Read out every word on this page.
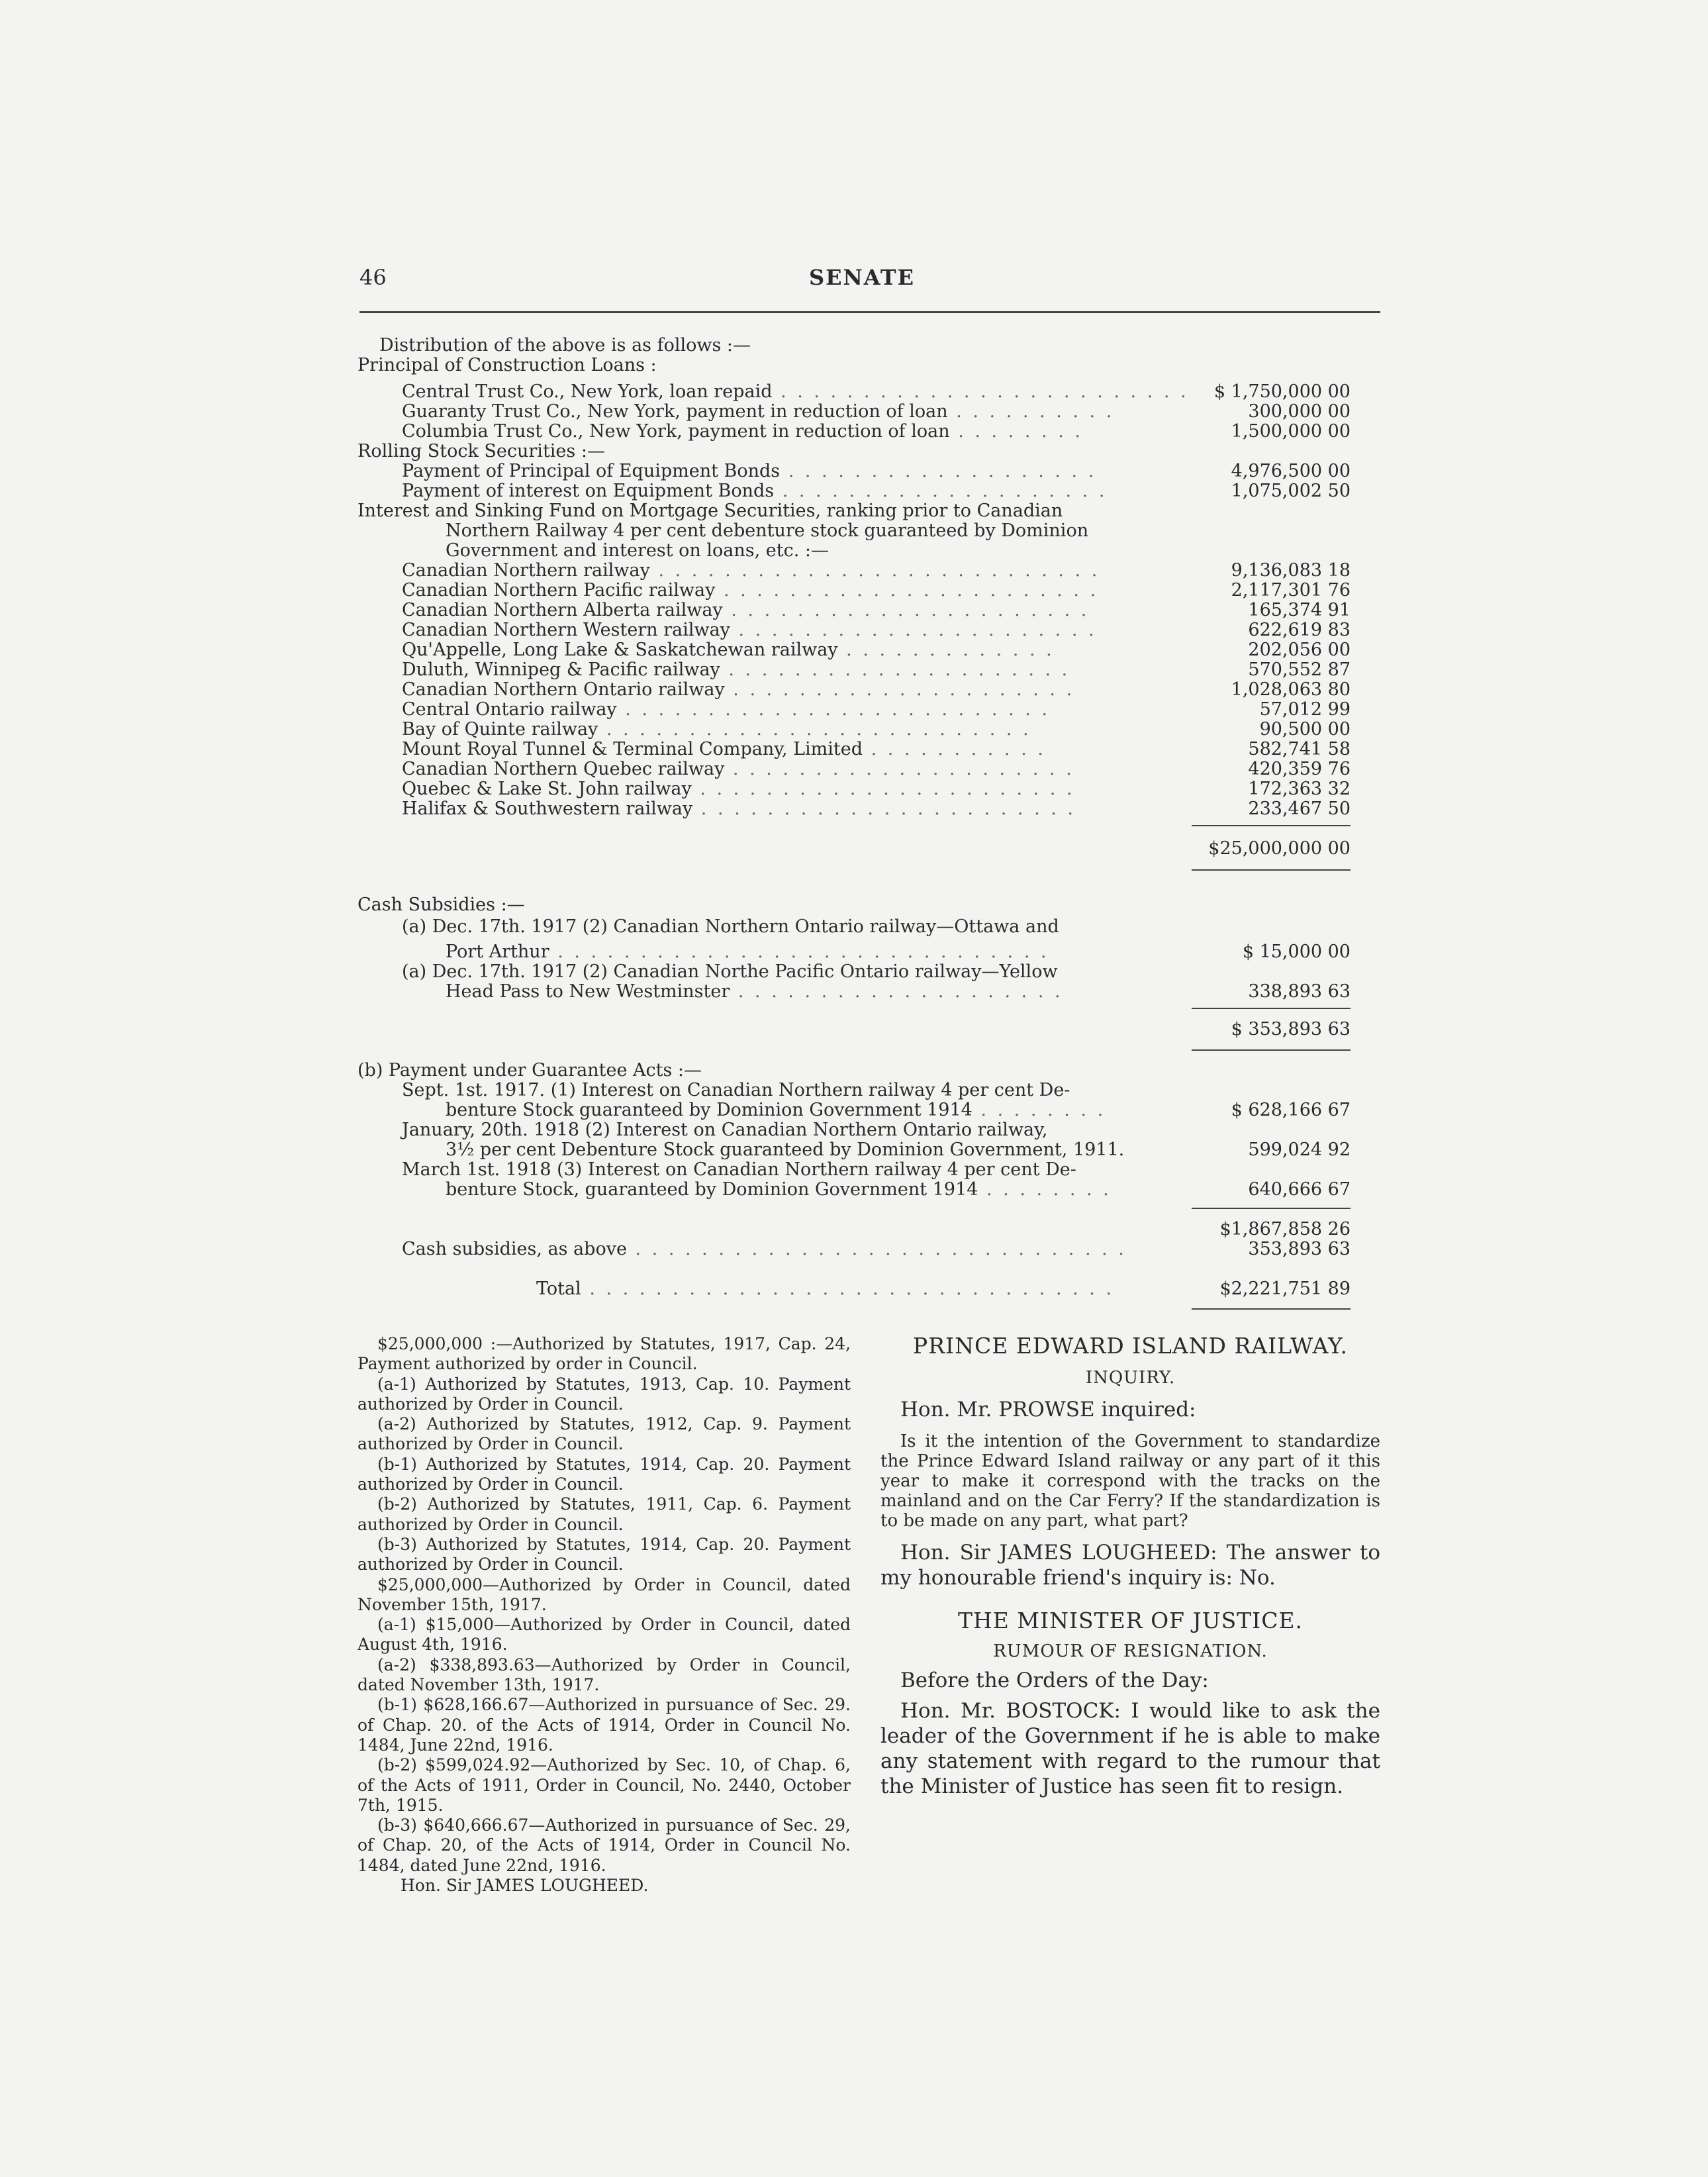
46	SENATE
Distribution of the above is as follows :—
Principal of Construction Loans :
Central Trust Co., New York, loan repaid . . . . . . . . . . . . . . . . . . . . . . . . . $ 1,750,000 00
Guaranty Trust Co., New York, payment in reduction of loan . . . . . . . . . .	300,000 00
Columbia Trust Co., New York, payment in reduction of loan . . . . . . . .	1,500,000 00
Rolling Stock Securities :—
Payment of Principal of Equipment Bonds . . . . . . . . . . . . . . . . . . .	4,976,500 00
Payment of interest on Equipment Bonds . . . . . . . . . . . . . . . . . . . .	1,075,002 50
Interest and Sinking Fund on Mortgage Securities, ranking prior to Canadian
Northern Railway 4 per cent debenture stock guaranteed by Dominion
Government and interest on loans, etc. :—
Canadian Northern railway . . . . . . . . . . . . . . . . . . . . . . . . . . .	9,136,083 18
Canadian Northern Pacific railway . . . . . . . . . . . . . . . . . . . . . . .	2,117,301 76
Canadian Northern Alberta railway . . . . . . . . . . . . . . . . . . . . . .	165,374 91
Canadian Northern Western railway . . . . . . . . . . . . . . . . . . . . . .	622,619 83
Qu'Appelle, Long Lake & Saskatchewan railway . . . . . . . . . . . . .	202,056 00
Duluth, Winnipeg & Pacific railway . . . . . . . . . . . . . . . . . . . . .	570,552 87
Canadian Northern Ontario railway . . . . . . . . . . . . . . . . . . . . .	1,028,063 80
Central Ontario railway . . . . . . . . . . . . . . . . . . . . . . . . . .	57,012 99
Bay of Quinte railway . . . . . . . . . . . . . . . . . . . . . . . . . .	90,500 00
Mount Royal Tunnel & Terminal Company, Limited . . . . . . . . . . .	582,741 58
Canadian Northern Quebec railway . . . . . . . . . . . . . . . . . . . . .	420,359 76
Quebec & Lake St. John railway . . . . . . . . . . . . . . . . . . . . . . .	172,363 32
Halifax & Southwestern railway . . . . . . . . . . . . . . . . . . . . . . .	233,467 50
$25,000,000 00
Cash Subsidies :—
(a) Dec. 17th. 1917 (2) Canadian Northern Ontario railway—Ottawa and
Port Arthur . . . . . . . . . . . . . . . . . . . . . . . . . . . . . .	$ 15,000 00
(a) Dec. 17th. 1917 (2) Canadian Northe Pacific Ontario railway—Yellow
Head Pass to New Westminster . . . . . . . . . . . . . . . . . . . .	338,893 63
$ 353,893 63
(b) Payment under Guarantee Acts :—
Sept. 1st. 1917. (1) Interest on Canadian Northern railway 4 per cent De-
benture Stock guaranteed by Dominion Government 1914 . . . . . . . .	$ 628,166 67
January, 20th. 1918 (2) Interest on Canadian Northern Ontario railway,
3½ per cent Debenture Stock guaranteed by Dominion Government, 1911.	599,024 92
March 1st. 1918 (3) Interest on Canadian Northern railway 4 per cent De-
benture Stock, guaranteed by Dominion Government 1914 . . . . . . . .	640,666 67
$1,867,858 26
Cash subsidies, as above . . . . . . . . . . . . . . . . . . . . . . . . . . . . . .	353,893 63
Total . . . . . . . . . . . . . . . . . . . . . . . . . . . . . . . .	$2,221,751 89

$25,000,000 :—Authorized by Statutes, 1917, Cap. 24, Payment authorized by order in Council.

(a-1) Authorized by Statutes, 1913, Cap. 10. Payment authorized by Order in Council.

(a-2) Authorized by Statutes, 1912, Cap. 9. Payment authorized by Order in Council.

(b-1) Authorized by Statutes, 1914, Cap. 20. Payment authorized by Order in Council.

(b-2) Authorized by Statutes, 1911, Cap. 6. Payment authorized by Order in Council.

(b-3) Authorized by Statutes, 1914, Cap. 20. Payment authorized by Order in Council.

$25,000,000—Authorized by Order in Council, dated November 15th, 1917.

(a-1) $15,000—Authorized by Order in Council, dated August 4th, 1916.

(a-2) $338,893.63—Authorized by Order in Council, dated November 13th, 1917.

(b-1) $628,166.67—Authorized in pursuance of Sec. 29. of Chap. 20. of the Acts of 1914, Order in Council No. 1484, June 22nd, 1916.

(b-2) $599,024.92—Authorized by Sec. 10, of Chap. 6, of the Acts of 1911, Order in Council, No. 2440, October 7th, 1915.

(b-3) $640,666.67—Authorized in pursuance of Sec. 29, of Chap. 20, of the Acts of 1914, Order in Council No. 1484, dated June 22nd, 1916.

Hon. Sir JAMES LOUGHEED.

PRINCE EDWARD ISLAND RAILWAY.
INQUIRY.
Hon. Mr. PROWSE inquired:
Is it the intention of the Government to standardize the Prince Edward Island railway or any part of it this year to make it correspond with the tracks on the mainland and on the Car Ferry? If the standardization is to be made on any part, what part?
Hon. Sir JAMES LOUGHEED: The answer to my honourable friend's inquiry is: No.
THE MINISTER OF JUSTICE.
RUMOUR OF RESIGNATION.
Before the Orders of the Day:
Hon. Mr. BOSTOCK: I would like to ask the leader of the Government if he is able to make any statement with regard to the rumour that the Minister of Justice has seen fit to resign.
